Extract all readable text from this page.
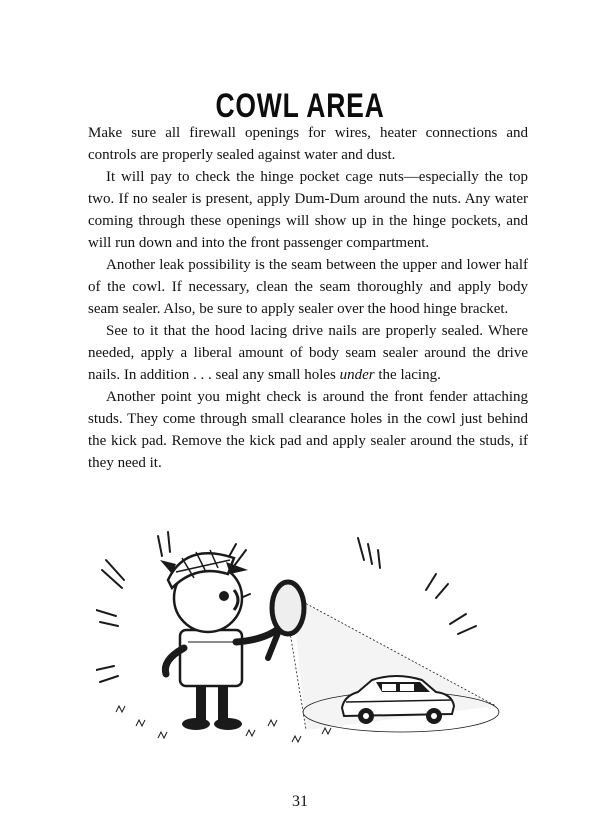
COWL AREA

Make sure all firewall openings for wires, heater connections and controls are properly sealed against water and dust.

It will pay to check the hinge pocket cage nuts—especially the top two. If no sealer is present, apply Dum-Dum around the nuts. Any water coming through these openings will show up in the hinge pockets, and will run down and into the front passenger compartment.

Another leak possibility is the seam between the upper and lower half of the cowl. If necessary, clean the seam thoroughly and apply body seam sealer. Also, be sure to apply sealer over the hood hinge bracket.

See to it that the hood lacing drive nails are properly sealed. Where needed, apply a liberal amount of body seam sealer around the drive nails. In addition . . . seal any small holes under the lacing.

Another point you might check is around the front fender attaching studs. They come through small clearance holes in the cowl just behind the kick pad. Remove the kick pad and apply sealer around the studs, if they need it.

31
